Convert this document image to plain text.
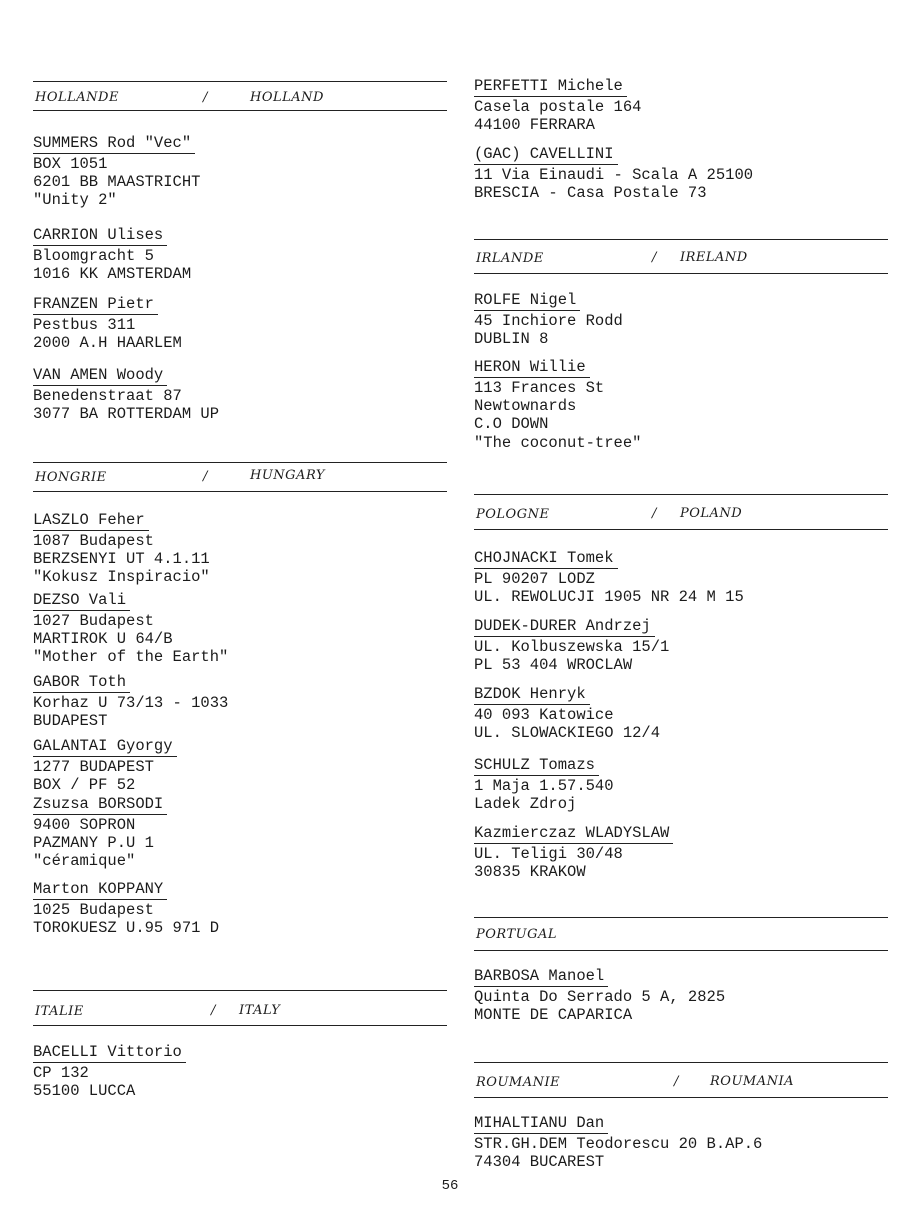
HOLLANDE	/	HOLLAND
SUMMERS Rod "Vec"
BOX 1051
6201 BB MAASTRICHT
"Unity 2"
CARRION Ulises
Bloomgracht 5
1016 KK AMSTERDAM
FRANZEN Pietr
Pestbus 311
2000 A.H HAARLEM
VAN AMEN Woody
Benedenstraat 87
3077 BA ROTTERDAM UP
HONGRIE	/	HUNGARY
LASZLO Feher
1087 Budapest
BERZSENYI UT 4.1.11
"Kokusz Inspiracio"
DEZSO Vali
1027 Budapest
MARTIROK U 64/B
"Mother of the Earth"
GABOR Toth
Korhaz U 73/13 - 1033
BUDAPEST
GALANTAI Gyorgy
1277 BUDAPEST
BOX / PF 52
Zsuzsa BORSODI
9400 SOPRON
PAZMANY P.U 1
"céramique"
Marton KOPPANY
1025 Budapest
TOROKUESZ U.95 971 D
ITALIE	/ ITALY
BACELLI Vittorio
CP 132
55100 LUCCA
PERFETTI Michele
Casela postale 164
44100 FERRARA
(GAC) CAVELLINI
11 Via Einaudi - Scala A 25100
BRESCIA - Casa Postale 73
IRLANDE	/ IRELAND
ROLFE Nigel
45 Inchiore Rodd
DUBLIN 8
HERON Willie
113 Frances St
Newtownards
C.O DOWN
"The coconut-tree"
POLOGNE	/ POLAND
CHOJNACKI Tomek
PL 90207 LODZ
UL. REWOLUCJI 1905 NR 24 M 15
DUDEK-DURER Andrzej
UL. Kolbuszewska 15/1
PL 53 404 WROCLAW
BZDOK Henryk
40 093 Katowice
UL. SLOWACKIEGO 12/4
SCHULZ Tomazs
1 Maja 1.57.540
Ladek Zdroj
Kazmierczaz WLADYSLAW
UL. Teligi 30/48
30835 KRAKOW
PORTUGAL
BARBOSA Manoel
Quinta Do Serrado 5 A, 2825
MONTE DE CAPARICA
ROUMANIE	/ ROUMANIA
MIHALTIANU Dan
STR.GH.DEM Teodorescu 20 B.AP.6
74304 BUCAREST
56
